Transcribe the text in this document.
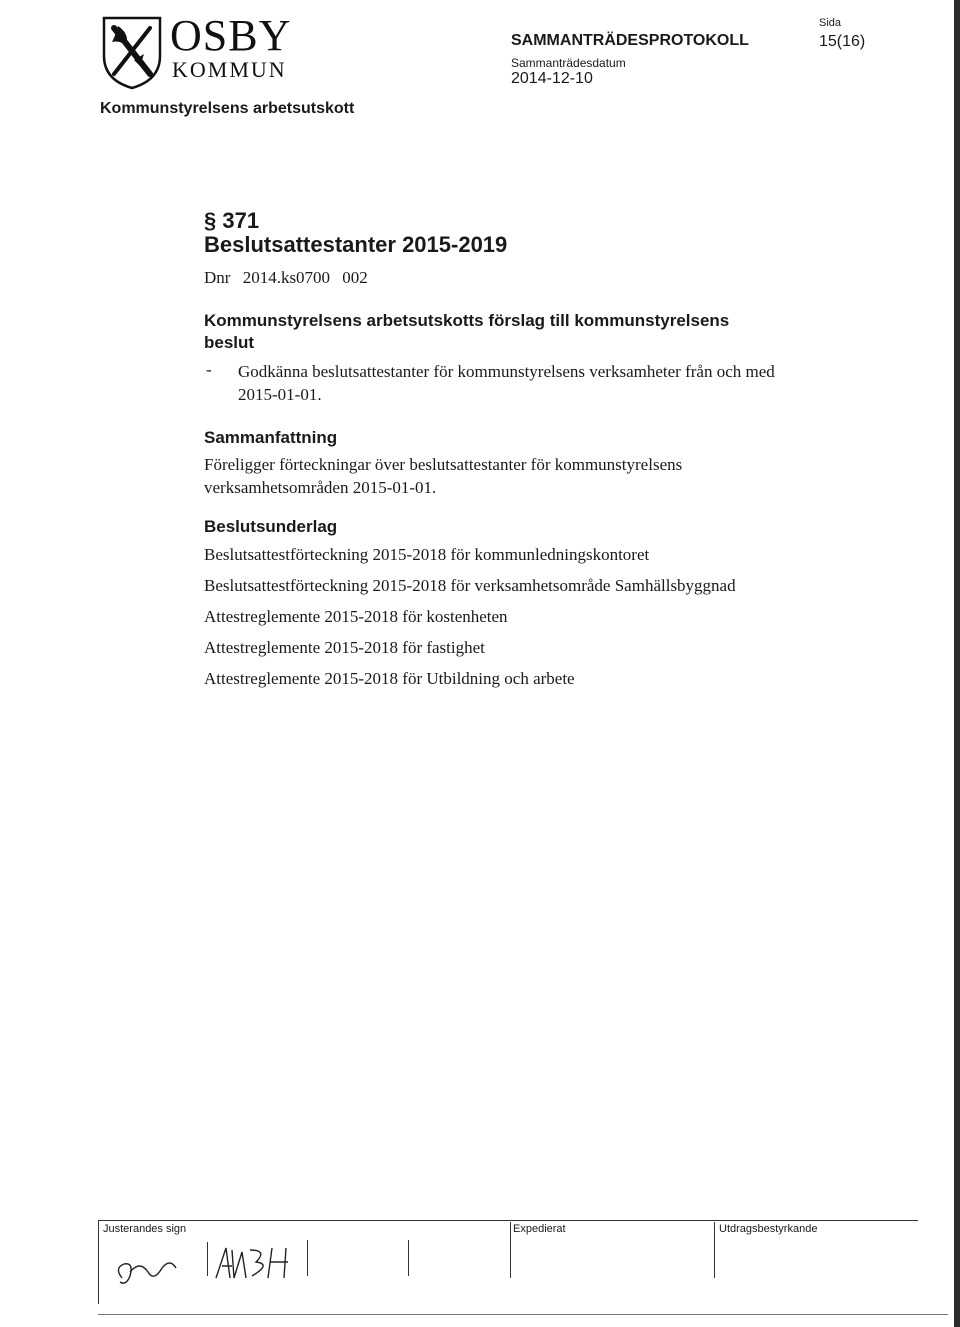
OSBY
KOMMUN
SAMMANTRÄDESPROTOKOLL
Sammanträdesdatum
2014-12-10
Sida
15(16)
Kommunstyrelsens arbetsutskott
§ 371
Beslutsattestanter 2015-2019
Dnr 2014.ks0700 002
Kommunstyrelsens arbetsutskotts förslag till kommunstyrelsens beslut
- Godkänna beslutsattestanter för kommunstyrelsens verksamheter från och med 2015-01-01.
Sammanfattning
Föreligger förteckningar över beslutsattestanter för kommunstyrelsens verksamhetsområden 2015-01-01.
Beslutsunderlag
Beslutsattestförteckning 2015-2018 för kommunledningskontoret
Beslutsattestförteckning 2015-2018 för verksamhetsområde Samhällsbyggnad
Attestreglemente 2015-2018 för kostenheten
Attestreglemente 2015-2018 för fastighet
Attestreglemente 2015-2018 för Utbildning och arbete
Justerandes sign	Expedierat	Utdragsbestyrkande
